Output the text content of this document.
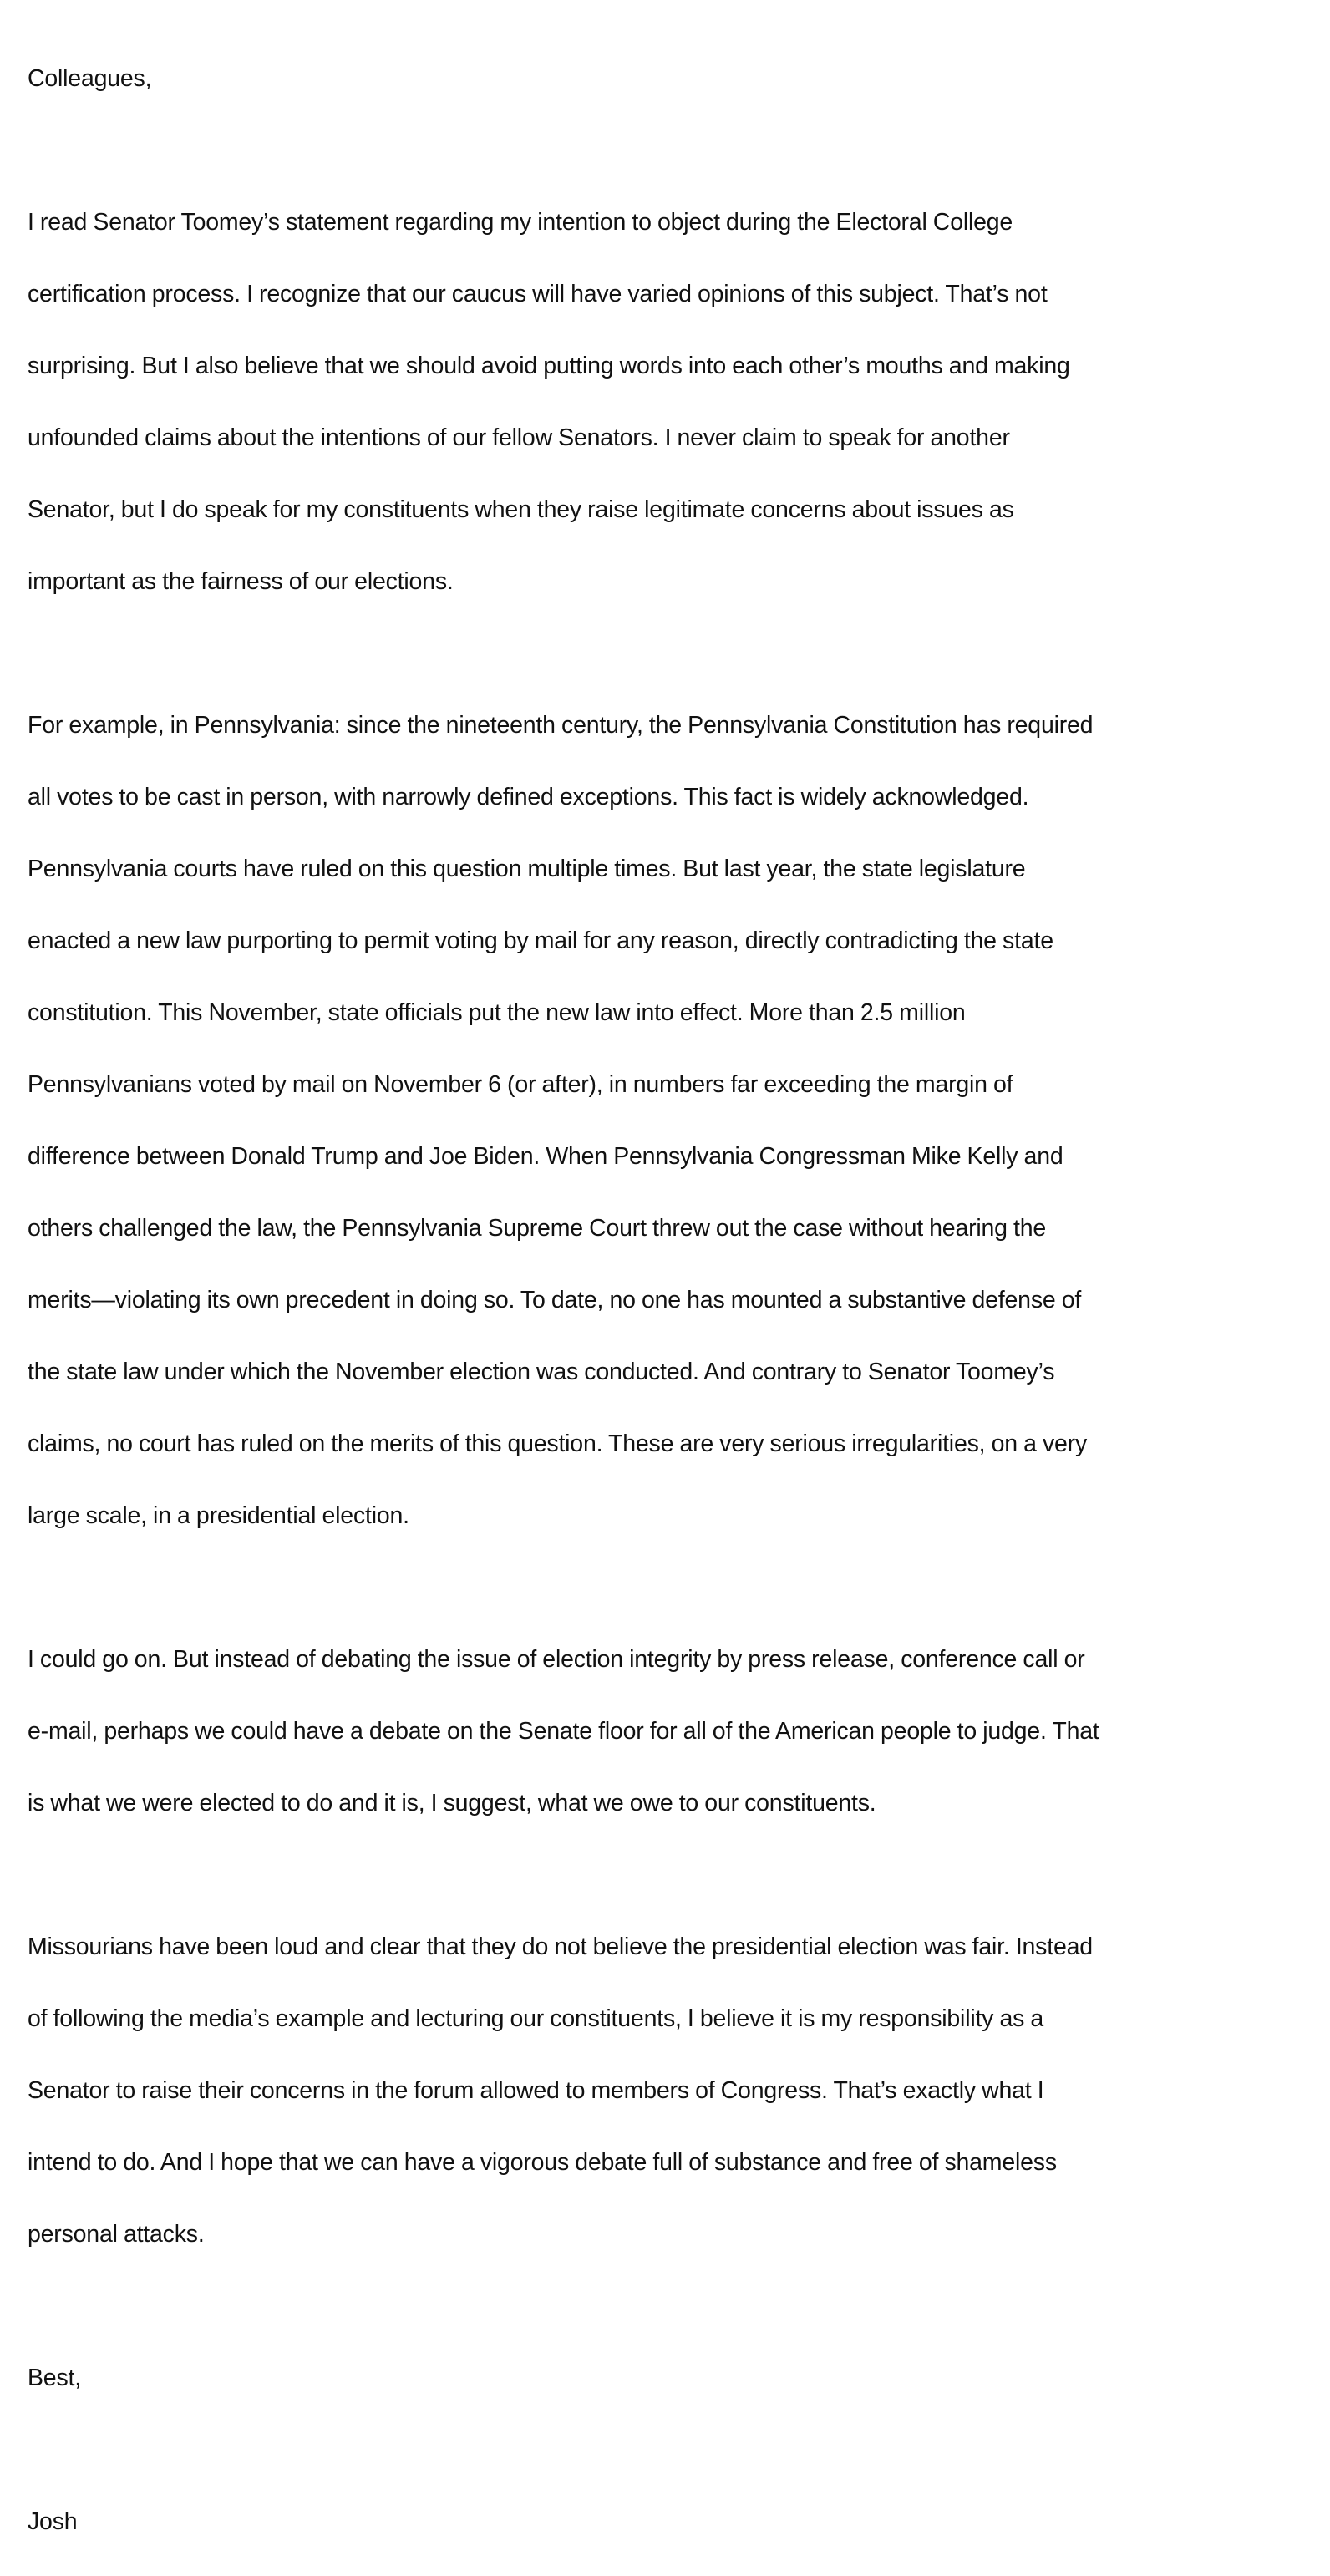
Colleagues,

I read Senator Toomey’s statement regarding my intention to object during the Electoral College

certification process. I recognize that our caucus will have varied opinions of this subject. That’s not

surprising. But I also believe that we should avoid putting words into each other’s mouths and making

unfounded claims about the intentions of our fellow Senators. I never claim to speak for another

Senator, but I do speak for my constituents when they raise legitimate concerns about issues as

important as the fairness of our elections.

For example, in Pennsylvania: since the nineteenth century, the Pennsylvania Constitution has required

all votes to be cast in person, with narrowly defined exceptions. This fact is widely acknowledged.

Pennsylvania courts have ruled on this question multiple times. But last year, the state legislature

enacted a new law purporting to permit voting by mail for any reason, directly contradicting the state

constitution. This November, state officials put the new law into effect. More than 2.5 million

Pennsylvanians voted by mail on November 6 (or after), in numbers far exceeding the margin of

difference between Donald Trump and Joe Biden. When Pennsylvania Congressman Mike Kelly and

others challenged the law, the Pennsylvania Supreme Court threw out the case without hearing the

merits—violating its own precedent in doing so. To date, no one has mounted a substantive defense of

the state law under which the November election was conducted. And contrary to Senator Toomey’s

claims, no court has ruled on the merits of this question. These are very serious irregularities, on a very

large scale, in a presidential election.

I could go on. But instead of debating the issue of election integrity by press release, conference call or

e-mail, perhaps we could have a debate on the Senate floor for all of the American people to judge. That

is what we were elected to do and it is, I suggest, what we owe to our constituents.

Missourians have been loud and clear that they do not believe the presidential election was fair. Instead

of following the media’s example and lecturing our constituents, I believe it is my responsibility as a

Senator to raise their concerns in the forum allowed to members of Congress. That’s exactly what I

intend to do. And I hope that we can have a vigorous debate full of substance and free of shameless

personal attacks.

Best,

Josh
